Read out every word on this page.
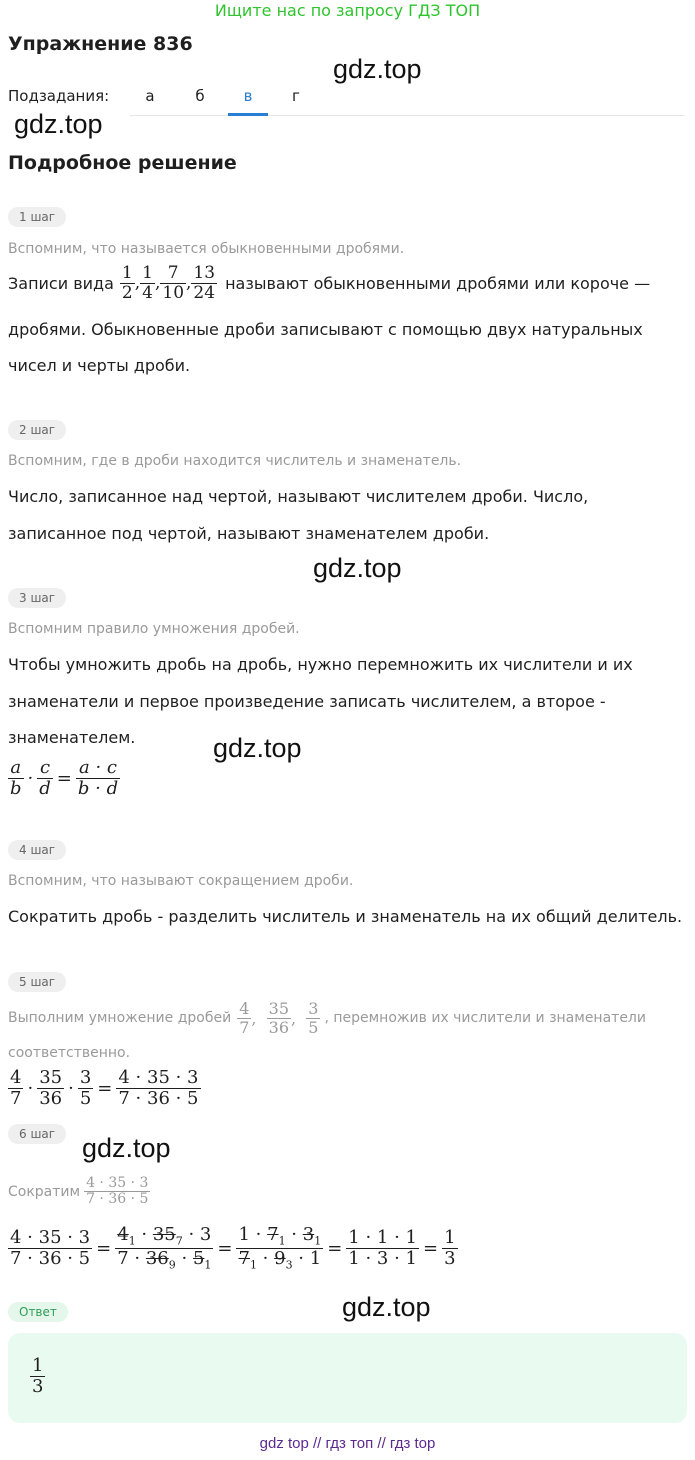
Ищите нас по запросу ГДЗ ТОП
Упражнение 836
gdz.top
Подзадания:	а	б	в	г
gdz.top
Подробное решение
1 шаг
Вспомним, что называется обыкновенными дробями.
Записи вида $\frac{1}{2}$ , $\frac{1}{4}$ , $\frac{7}{10}$ , $\frac{13}{24}$ называют обыкновенными дробями или короче —
дробями. Обыкновенные дроби записывают с помощью двух натуральных
чисел и черты дроби.
2 шаг
Вспомним, где в дроби находится числитель и знаменатель.
Число, записанное над чертой, называют числителем дроби. Число,
записанное под чертой, называют знаменателем дроби.
gdz.top
3 шаг
Вспомним правило умножения дробей.
Чтобы умножить дробь на дробь, нужно перемножить их числители и их
знаменатели и первое произведение записать числителем, а второе -
знаменателем.	gdz.top
$\frac{a}{b} \cdot \frac{c}{d} = \frac{a \cdot c}{b \cdot d}$
4 шаг
Вспомним, что называют сокращением дроби.
Сократить дробь - разделить числитель и знаменатель на их общий делитель.
5 шаг
Выполним умножение дробей $\frac{4}{7}$ , $\frac{35}{36}$ , $\frac{3}{5}$ , перемножив их числители и знаменатели
соответственно.
$\frac{4}{7} \cdot \frac{35}{36} \cdot \frac{3}{5} = \frac{4 \cdot 35 \cdot 3}{7 \cdot 36 \cdot 5}$
gdz.top
6 шаг
Сократим $\frac{4 \cdot 35 \cdot 3}{7 \cdot 36 \cdot 5}$
$\frac{4 \cdot 35 \cdot 3}{7 \cdot 36 \cdot 5} = \frac{4_1 \cdot 35_7 \cdot 3}{7 \cdot 36_9 \cdot 5_1} = \frac{1 \cdot 7_1 \cdot 3_1}{7_1 \cdot 9_3 \cdot 1} = \frac{1 \cdot 1 \cdot 1}{1 \cdot 3 \cdot 1} = \frac{1}{3}$
Ответ	gdz.top
$\frac{1}{3}$
gdz top // гдз топ // гдз top
